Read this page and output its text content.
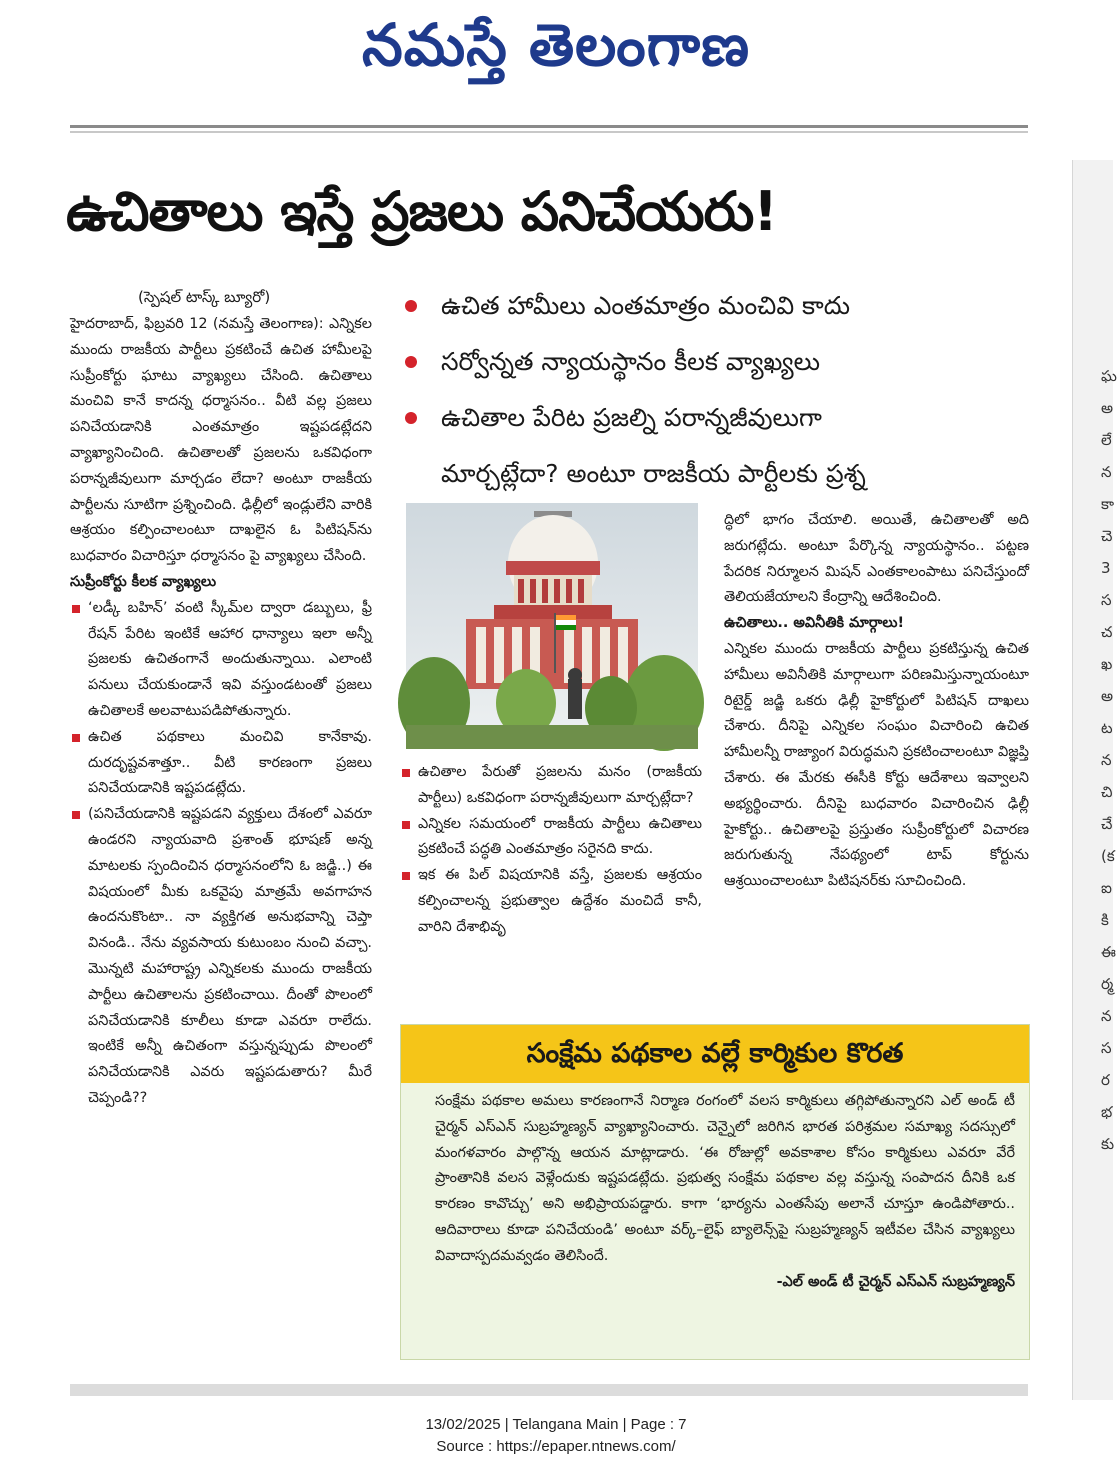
నమస్తే తెలంగాణ
ఘ
అ
లే
న
కా
చె
3
స
చ
ఖ
అ
ట
న
చి
చే
(క
ఐ
కి
ఈ
ర్మ
న
స
ర
భ
కు
ఉచితాలు ఇస్తే ప్రజలు పనిచేయరు!
(స్పెషల్ టాస్క్ బ్యూరో)

హైదరాబాద్, ఫిబ్రవరి 12 (నమస్తే తెలంగాణ): ఎన్నికల ముందు రాజకీయ పార్టీలు ప్రకటించే ఉచిత హామీలపై సుప్రీంకోర్టు ఘాటు వ్యాఖ్యలు చేసింది. ఉచితాలు మంచివి కానే కాదన్న ధర్మాసనం.. వీటి వల్ల ప్రజలు పనిచేయడానికి ఎంతమాత్రం ఇష్టపడట్లేదని వ్యాఖ్యానించింది. ఉచితాలతో ప్రజలను ఒకవిధంగా పరాన్నజీవులుగా మార్చడం లేదా? అంటూ రాజకీయ పార్టీలను సూటిగా ప్రశ్నించింది. ఢిల్లీలో ఇండ్లులేని వారికి ఆశ్రయం కల్పించాలంటూ దాఖలైన ఓ పిటిషన్‌ను బుధవారం విచారిస్తూ ధర్మాసనం పై వ్యాఖ్యలు చేసింది.

సుప్రీంకోర్టు కీలక వ్యాఖ్యలు

‘లడ్కీ బహిన్’ వంటి స్కీమ్‌ల ద్వారా డబ్బులు, ఫ్రీ రేషన్ పేరిట ఇంటికే ఆహార ధాన్యాలు ఇలా అన్నీ ప్రజలకు ఉచితంగానే అందుతున్నాయి. ఎలాంటి పనులు చేయకుండానే ఇవి వస్తుండటంతో ప్రజలు ఉచితాలకే అలవాటుపడిపోతున్నారు.

ఉచిత పథకాలు మంచివి కానేకావు. దురదృష్టవశాత్తూ.. వీటి కారణంగా ప్రజలు పనిచేయడానికి ఇష్టపడట్లేదు.

(పనిచేయడానికి ఇష్టపడని వ్యక్తులు దేశంలో ఎవరూ ఉండరని న్యాయవాది ప్రశాంత్ భూషణ్ అన్న మాటలకు స్పందించిన ధర్మాసనంలోని ఓ జడ్జి..) ఈ విషయంలో మీకు ఒకవైపు మాత్రమే అవగాహన ఉందనుకొంటా.. నా వ్యక్తిగత అనుభవాన్ని చెప్తా వినండి.. నేను వ్యవసాయ కుటుంబం నుంచి వచ్చా. మొన్నటి మహారాష్ట్ర ఎన్నికలకు ముందు రాజకీయ పార్టీలు ఉచితాలను ప్రకటించాయి. దీంతో పొలంలో పనిచేయడానికి కూలీలు కూడా ఎవరూ రాలేదు. ఇంటికే అన్నీ ఉచితంగా వస్తున్నప్పుడు పొలంలో పనిచేయడానికి ఎవరు ఇష్టపడుతారు? మీరే చెప్పండి??

ఉచిత హామీలు ఎంతమాత్రం మంచివి కాదు
సర్వోన్నత న్యాయస్థానం కీలక వ్యాఖ్యలు
ఉచితాల పేరిట ప్రజల్ని పరాన్నజీవులుగా
మార్చట్లేదా? అంటూ రాజకీయ పార్టీలకు ప్రశ్న

ఉచితాల పేరుతో ప్రజలను మనం (రాజకీయ పార్టీలు) ఒకవిధంగా పరాన్నజీవులుగా మార్చట్లేదా?

ఎన్నికల సమయంలో రాజకీయ పార్టీలు ఉచితాలు ప్రకటించే పద్ధతి ఎంతమాత్రం సరైనది కాదు.

ఇక ఈ పిల్ విషయానికి వస్తే, ప్రజలకు ఆశ్రయం కల్పించాలన్న ప్రభుత్వాల ఉద్దేశం మంచిదే కానీ, వారిని దేశాభివృ

ద్ధిలో భాగం చేయాలి. అయితే, ఉచితాలతో అది జరుగట్లేదు. అంటూ పేర్కొన్న న్యాయస్థానం.. పట్టణ పేదరిక నిర్మూలన మిషన్ ఎంతకాలంపాటు పనిచేస్తుందో తెలియజేయాలని కేంద్రాన్ని ఆదేశించింది.

ఉచితాలు.. అవినీతికి మార్గాలు!

ఎన్నికల ముందు రాజకీయ పార్టీలు ప్రకటిస్తున్న ఉచిత హామీలు అవినీతికి మార్గాలుగా పరిణమిస్తున్నాయంటూ రిటైర్డ్ జడ్జి ఒకరు ఢిల్లీ హైకోర్టులో పిటిషన్ దాఖలు చేశారు. దీనిపై ఎన్నికల సంఘం విచారించి ఉచిత హామీలన్నీ రాజ్యాంగ విరుద్ధమని ప్రకటించాలంటూ విజ్ఞప్తి చేశారు. ఈ మేరకు ఈసీకి కోర్టు ఆదేశాలు ఇవ్వాలని అభ్యర్థించారు. దీనిపై బుధవారం విచారించిన ఢిల్లీ హైకోర్టు.. ఉచితాలపై ప్రస్తుతం సుప్రీంకోర్టులో విచారణ జరుగుతున్న నేపథ్యంలో టాప్ కోర్టును ఆశ్రయించాలంటూ పిటిషనర్‌కు సూచించింది.

సంక్షేమ పథకాల వల్లే కార్మికుల కొరత

సంక్షేమ పథకాల అమలు కారణంగానే నిర్మాణ రంగంలో వలస కార్మికులు తగ్గిపోతున్నారని ఎల్ అండ్ టీ చైర్మన్ ఎస్ఎన్ సుబ్రహ్మణ్యన్ వ్యాఖ్యానించారు. చెన్నైలో జరిగిన భారత పరిశ్రమల సమాఖ్య సదస్సులో మంగళవారం పాల్గొన్న ఆయన మాట్లాడారు. ‘ఈ రోజుల్లో అవకాశాల కోసం కార్మికులు ఎవరూ వేరే ప్రాంతానికి వలస వెళ్లేందుకు ఇష్టపడట్లేదు. ప్రభుత్వ సంక్షేమ పథకాల వల్ల వస్తున్న సంపాదన దీనికి ఒక కారణం కావొచ్చు’ అని అభిప్రాయపడ్డారు. కాగా ‘భార్యను ఎంతసేపు అలానే చూస్తూ ఉండిపోతారు.. ఆదివారాలు కూడా పనిచేయండి’ అంటూ వర్క్–లైఫ్ బ్యాలెన్స్‌పై సుబ్రహ్మణ్యన్ ఇటీవల చేసిన వ్యాఖ్యలు వివాదాస్పదమవ్వడం తెలిసిందే.

-ఎల్ అండ్ టీ చైర్మన్ ఎస్ఎన్ సుబ్రహ్మణ్యన్

13/02/2025 | Telangana Main | Page : 7
Source : https://epaper.ntnews.com/
